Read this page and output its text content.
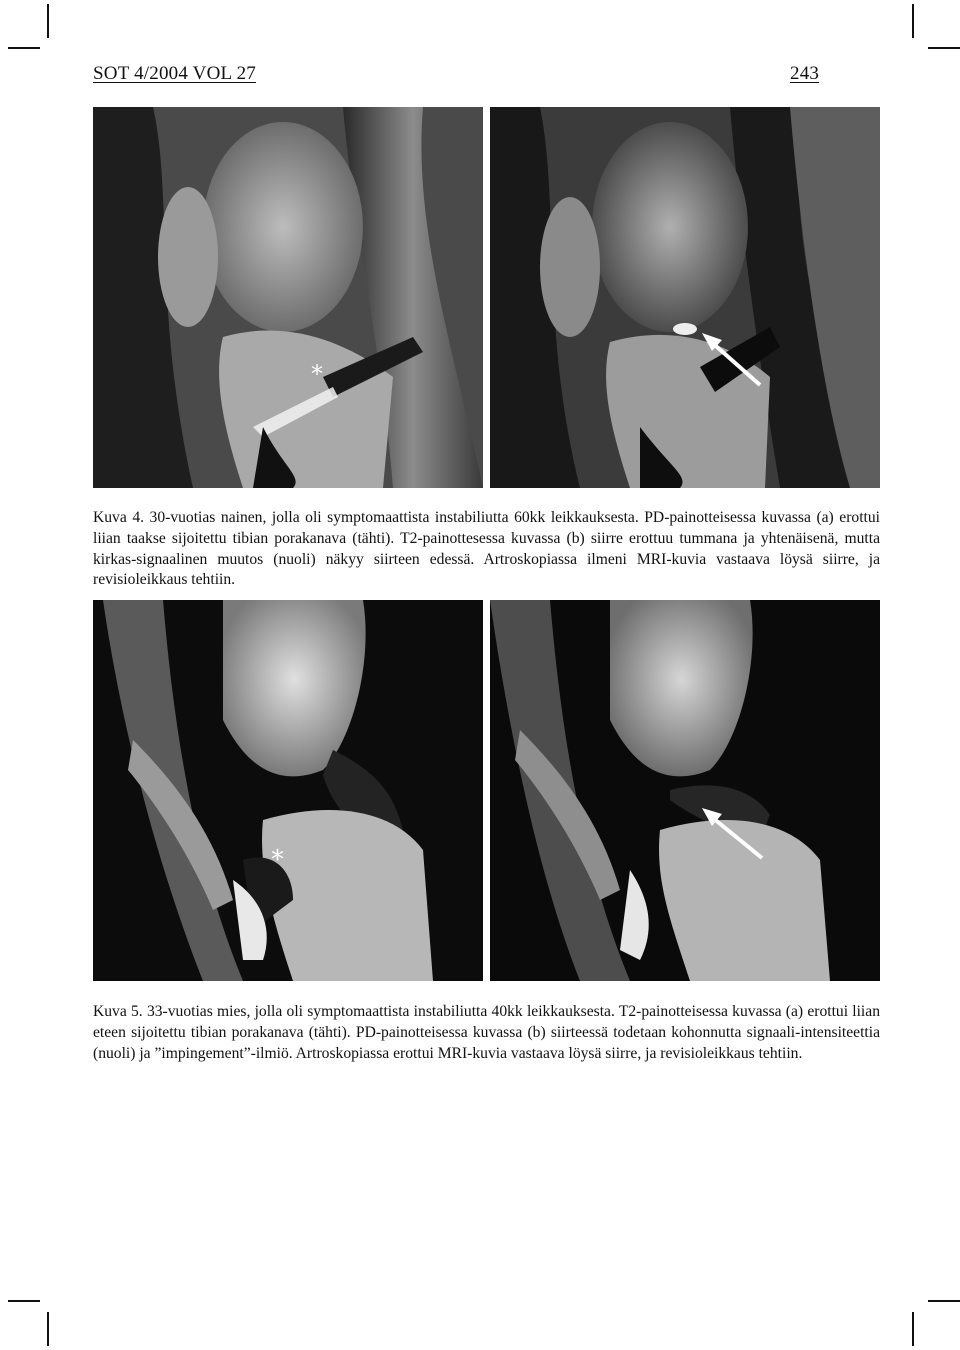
SOT 4/2004 VOL 27	243
*
Kuva 4. 30-vuotias nainen, jolla oli symptomaattista instabiliutta 60kk leikkauksesta. PD-painotteisessa kuvassa (a) erottui liian taakse sijoitettu tibian porakanava (tähti). T2-painottesessa kuvassa (b) siirre erottuu tummana ja yhtenäisenä, mutta kirkas-signaalinen muutos (nuoli) näkyy siirteen edessä. Artroskopiassa ilmeni MRI-kuvia vastaava löysä siirre, ja revisioleikkaus tehtiin.
*
Kuva 5. 33-vuotias mies, jolla oli symptomaattista instabiliutta 40kk leikkauksesta. T2-painotteisessa kuvassa (a) erottui liian eteen sijoitettu tibian porakanava (tähti). PD-painotteisessa kuvassa (b) siirteessä todetaan kohonnutta signaali-intensiteettia (nuoli) ja ”impingement”-ilmiö. Artroskopiassa erottui MRI-kuvia vastaava löysä siirre, ja revisioleikkaus tehtiin.
